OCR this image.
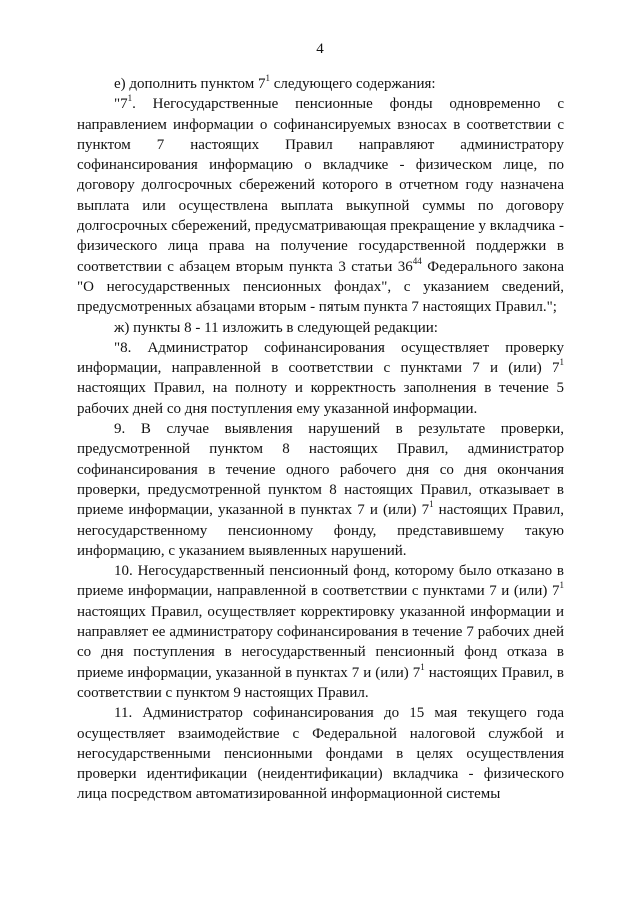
4

е) дополнить пунктом $7^1$ следующего содержания:

"$7^1$. Негосударственные пенсионные фонды одновременно с направлением информации о софинансируемых взносах в соответствии с пунктом 7 настоящих Правил направляют администратору софинансирования информацию о вкладчике - физическом лице, по договору долгосрочных сбережений которого в отчетном году назначена выплата или осуществлена выплата выкупной суммы по договору долгосрочных сбережений, предусматривающая прекращение у вкладчика - физического лица права на получение государственной поддержки в соответствии с абзацем вторым пункта 3 статьи $36^{44}$ Федерального закона "О негосударственных пенсионных фондах", с указанием сведений, предусмотренных абзацами вторым - пятым пункта 7 настоящих Правил.";

ж) пункты 8 - 11 изложить в следующей редакции:

"8. Администратор софинансирования осуществляет проверку информации, направленной в соответствии с пунктами 7 и (или) $7^1$ настоящих Правил, на полноту и корректность заполнения в течение 5 рабочих дней со дня поступления ему указанной информации.

9. В случае выявления нарушений в результате проверки, предусмотренной пунктом 8 настоящих Правил, администратор софинансирования в течение одного рабочего дня со дня окончания проверки, предусмотренной пунктом 8 настоящих Правил, отказывает в приеме информации, указанной в пунктах 7 и (или) $7^1$ настоящих Правил, негосударственному пенсионному фонду, представившему такую информацию, с указанием выявленных нарушений.

10. Негосударственный пенсионный фонд, которому было отказано в приеме информации, направленной в соответствии с пунктами 7 и (или) $7^1$ настоящих Правил, осуществляет корректировку указанной информации и направляет ее администратору софинансирования в течение 7 рабочих дней со дня поступления в негосударственный пенсионный фонд отказа в приеме информации, указанной в пунктах 7 и (или) $7^1$ настоящих Правил, в соответствии с пунктом 9 настоящих Правил.

11. Администратор софинансирования до 15 мая текущего года осуществляет взаимодействие с Федеральной налоговой службой и негосударственными пенсионными фондами в целях осуществления проверки идентификации (неидентификации) вкладчика - физического лица посредством автоматизированной информационной системы
